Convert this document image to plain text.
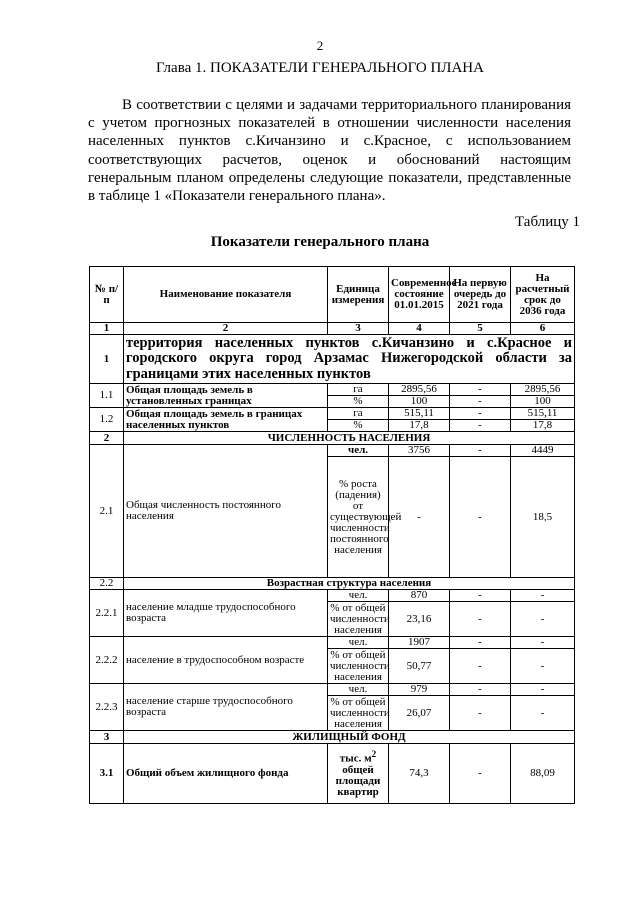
2
Глава 1. ПОКАЗАТЕЛИ ГЕНЕРАЛЬНОГО ПЛАНА

В соответствии с целями и задачами территориального планирования с учетом прогнозных показателей в отношении численности населения населенных пунктов с.Кичанзино и с.Красное, с использованием соответствующих расчетов, оценок и обоснований настоящим генеральным планом определены следующие показатели, представленные в таблице 1 «Показатели генерального плана».

Таблицу 1
Показатели генерального плана
№ п/п	Наименование показателя	Единица измерения	Современное состояние 01.01.2015	На первую очередь до 2021 года	На расчетный срок до 2036 года
1	2	3	4	5	6
1	территория населенных пунктов с.Кичанзино и с.Красное и городского округа город Арзамас Нижегородской области за границами этих населенных пунктов				
1.1	Общая площадь земель в установленных границах	га	2895,56	-	2895,56
		%	100	-	100
1.2	Общая площадь земель в границах населенных пунктов	га	515,11	-	515,11
		%	17,8	-	17,8
2	ЧИСЛЕННОСТЬ НАСЕЛЕНИЯ				
2.1	Общая численность постоянного населения	чел.	3756	-	4449
		% роста (падения) от существующей численности постоянного населения	-	-	18,5
2.2	Возрастная структура населения				
2.2.1	население младше трудоспособного возраста	чел.	870	-	-
		% от общей численности населения	23,16	-	-
2.2.2	население в трудоспособном возрасте	чел.	1907	-	-
		% от общей численности населения	50,77	-	-
2.2.3	население старше трудоспособного возраста	чел.	979	-	-
		% от общей численности населения	26,07	-	-
3	ЖИЛИЩНЫЙ ФОНД				
3.1	Общий объем жилищного фонда	тыс. $м^2$ общей площади квартир	74,3	-	88,09
